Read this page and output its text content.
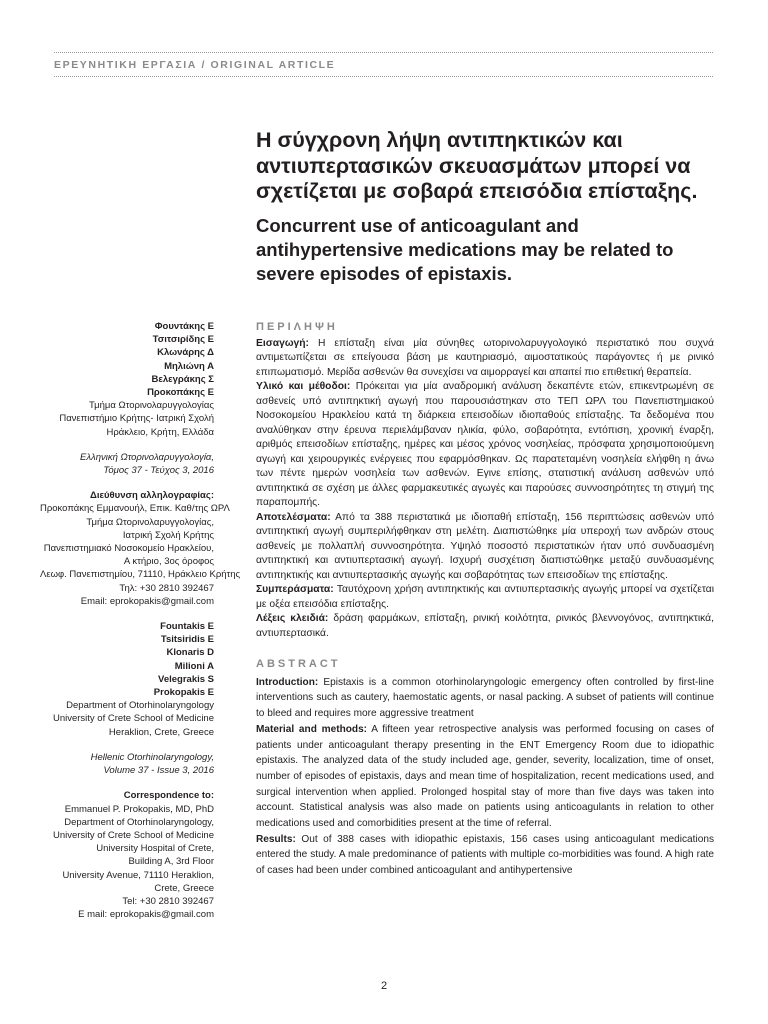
ΕΡΕΥΝΗΤΙΚΗ ΕΡΓΑΣΙΑ / ORIGINAL ARTICLE
Η σύγχρονη λήψη αντιπηκτικών και αντιυπερτασικών σκευασμάτων μπορεί να σχετίζεται με σοβαρά επεισόδια επίσταξης.
Concurrent use of anticoagulant and antihypertensive medications may be related to severe episodes of epistaxis.
Φουντάκης Ε
Τσιτσιρίδης Ε
Κλωνάρης Δ
Μηλιώνη Α
Βελεγράκης Σ
Προκοπάκης Ε
Τμήμα Ωτορινολαρυγγολογίας
Πανεπιστήμιο Κρήτης- Ιατρική Σχολή
Ηράκλειο, Κρήτη, Ελλάδα
Ελληνική Ωτορινολαρυγγολογία,
Τόμος 37 - Τεύχος 3, 2016
Διεύθυνση αλληλογραφίας:
Προκοπάκης Εμμανουήλ, Επικ. Καθ/της ΩΡΛ
Τμήμα Ωτορινολαρυγγολογίας,
Ιατρική Σχολή Κρήτης
Πανεπιστημιακό Νοσοκομείο Ηρακλείου,
Α κτήριο, 3ος όροφος
Λεωφ. Πανεπιστημίου, 71110, Ηράκλειο Κρήτης
Τηλ: +30 2810 392467
Email: eprokopakis@gmail.com
Fountakis E
Tsitsiridis E
Klonaris D
Milioni A
Velegrakis S
Prokopakis E
Department of Otorhinolaryngology
University of Crete School of Medicine
Heraklion, Crete, Greece
Hellenic Otorhinolaryngology,
Volume 37 - Issue 3, 2016
Correspondence to:
Emmanuel P. Prokopakis, MD, PhD
Department of Otorhinolaryngology,
University of Crete School of Medicine
University Hospital of Crete,
Building A, 3rd Floor
University Avenue, 71110 Heraklion,
Crete, Greece
Tel: +30 2810 392467
E mail: eprokopakis@gmail.com
ΠΕΡΙΛΗΨΗ

Εισαγωγή: Η επίσταξη είναι μία σύνηθες ωτορινολαρυγγολογικό περιστατικό που συχνά αντιμετωπίζεται σε επείγουσα βάση με καυτηριασμό, αιμοστατικούς παράγοντες ή με ρινικό επιπωματισμό. Μερίδα ασθενών θα συνεχίσει να αιμορραγεί και απαιτεί πιο επιθετική θεραπεία.

Υλικό και μέθοδοι: Πρόκειται για μία αναδρομική ανάλυση δεκαπέντε ετών, επικεντρωμένη σε ασθενείς υπό αντιπηκτική αγωγή που παρουσιάστηκαν στο ΤΕΠ ΩΡΛ του Πανεπιστημιακού Νοσοκομείου Ηρακλείου κατά τη διάρκεια επεισοδίων ιδιοπαθούς επίσταξης. Τα δεδομένα που αναλύθηκαν στην έρευνα περιελάμβαναν ηλικία, φύλο, σοβαρότητα, εντόπιση, χρονική έναρξη, αριθμός επεισοδίων επίσταξης, ημέρες και μέσος χρόνος νοσηλείας, πρόσφατα χρησιμοποιούμενη αγωγή και χειρουργικές ενέργειες που εφαρμόσθηκαν. Ως παρατεταμένη νοσηλεία ελήφθη η άνω των πέντε ημερών νοσηλεία των ασθενών. Εγινε επίσης, στατιστική ανάλυση ασθενών υπό αντιπηκτικά σε σχέση με άλλες φαρμακευτικές αγωγές και παρούσες συννοσηρότητες τη στιγμή της παραπομπής.

Αποτελέσματα: Από τα 388 περιστατικά με ιδιοπαθή επίσταξη, 156 περιπτώσεις ασθενών υπό αντιπηκτική αγωγή συμπεριλήφθηκαν στη μελέτη. Διαπιστώθηκε μία υπεροχή των ανδρών στους ασθενείς με πολλαπλή συννοσηρότητα. Υψηλό ποσοστό περιστατικών ήταν υπό συνδυασμένη αντιπηκτική και αντιυπερτασική αγωγή. Ισχυρή συσχέτιση διαπιστώθηκε μεταξύ συνδυασμένης αντιπηκτικής και αντιυπερτασικής αγωγής και σοβαρότητας των επεισοδίων της επίσταξης.

Συμπεράσματα: Ταυτόχρονη χρήση αντιπηκτικής και αντιυπερτασικής αγωγής μπορεί να σχετίζεται με οξέα επεισόδια επίσταξης.

Λέξεις κλειδιά: δράση φαρμάκων, επίσταξη, ρινική κοιλότητα, ρινικός βλεννογόνος, αντιπηκτικά, αντιυπερτασικά.

ABSTRACT

Introduction: Epistaxis is a common otorhinolaryngologic emergency often controlled by first-line interventions such as cautery, haemostatic agents, or nasal packing. A subset of patients will continue to bleed and requires more aggressive treatment

Material and methods: A fifteen year retrospective analysis was performed focusing on cases of patients under anticoagulant therapy presenting in the ENT Emergency Room due to idiopathic epistaxis. The analyzed data of the study included age, gender, severity, localization, time of onset, number of episodes of epistaxis, days and mean time of hospitalization, recent medications used, and surgical intervention when applied. Prolonged hospital stay of more than five days was taken into account. Statistical analysis was also made on patients using anticoagulants in relation to other medications used and comorbidities present at the time of referral.

Results: Out of 388 cases with idiopathic epistaxis, 156 cases using anticoagulant medications entered the study. A male predominance of patients with multiple co-morbidities was found. A high rate of cases had been under combined anticoagulant and antihypertensive

2
